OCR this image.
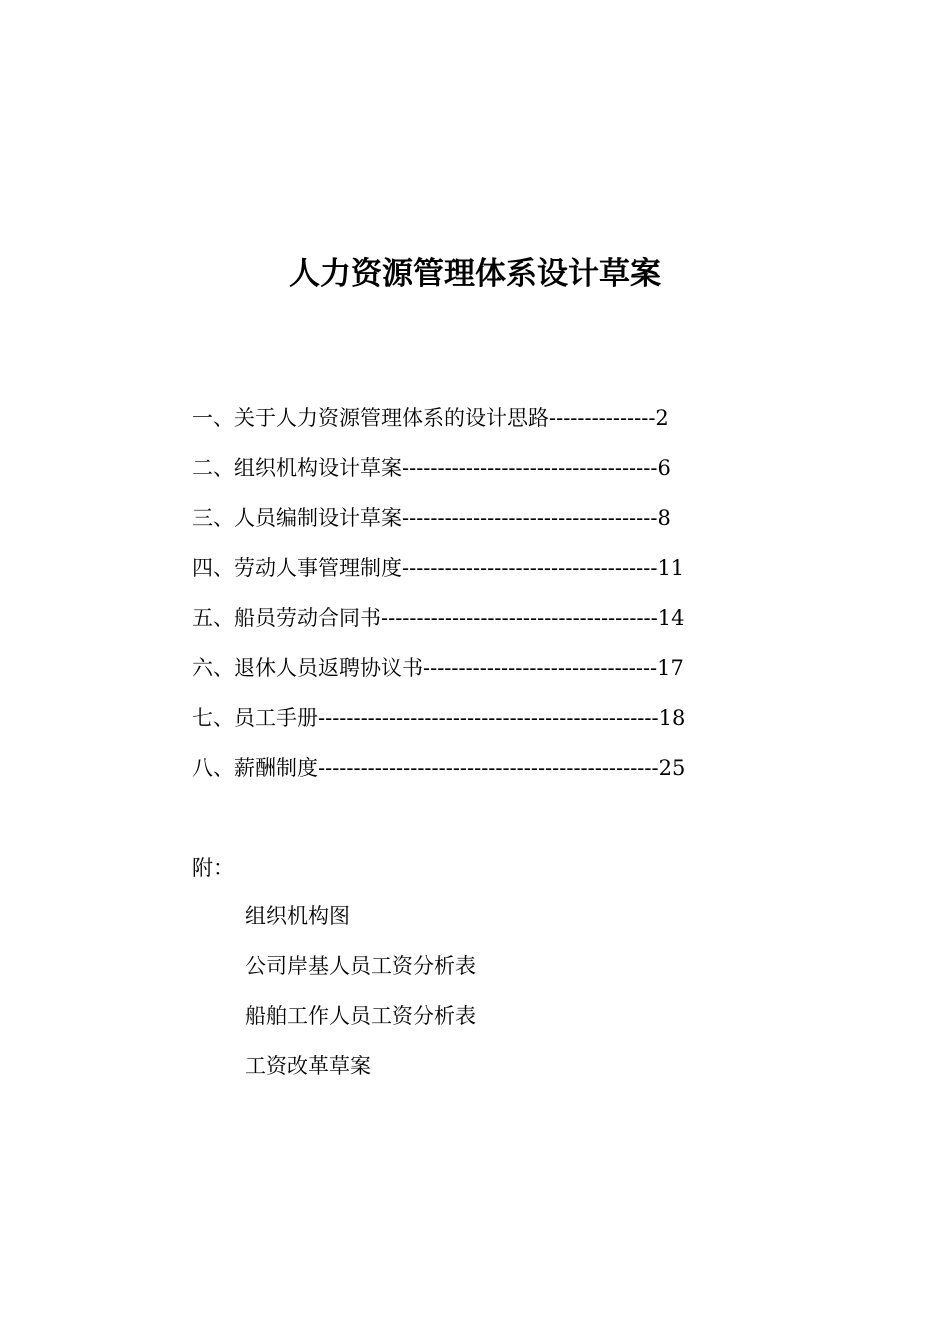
人力资源管理体系设计草案
一、关于人力资源管理体系的设计思路---------------2
二、组织机构设计草案------------------------------------6
三、人员编制设计草案------------------------------------8
四、劳动人事管理制度------------------------------------11
五、船员劳动合同书---------------------------------------14
六、退休人员返聘协议书---------------------------------17
七、员工手册------------------------------------------------18
八、薪酬制度------------------------------------------------25
附：
组织机构图
公司岸基人员工资分析表
船舶工作人员工资分析表
工资改革草案
